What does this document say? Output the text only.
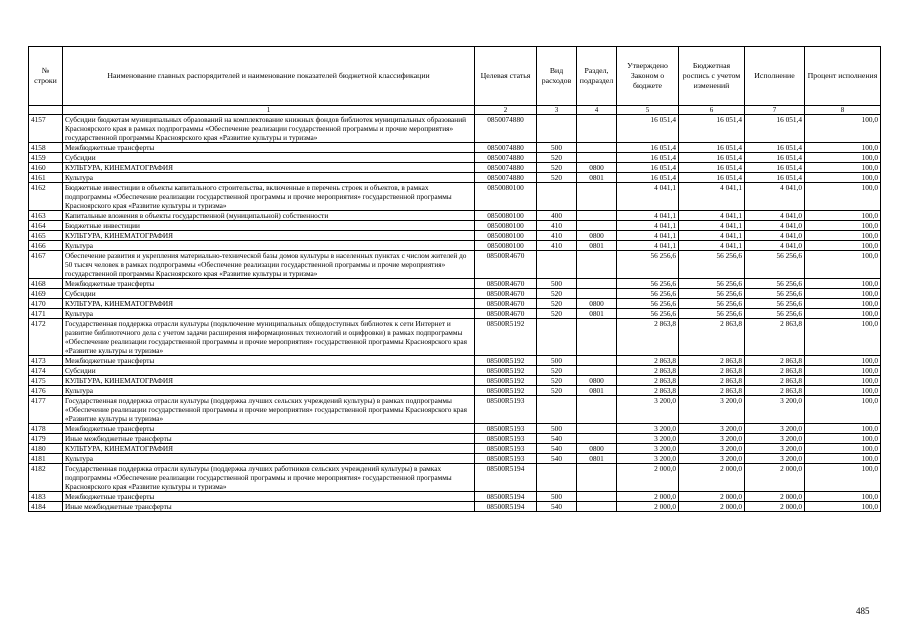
№ строки	Наименование главных распорядителей и наименование показателей бюджетной классификации	Целевая статья	Вид расходов	Раздел, подраздел	Утверждено Законом о бюджете	Бюджетная роспись с учетом изменений	Исполнение	Процент исполнения
	1	2	3	4	5	6	7	8
4157	Субсидии бюджетам муниципальных образований на комплектование книжных фондов библиотек муниципальных образований Красноярского края в рамках подпрограммы «Обеспечение реализации государственной программы и прочие мероприятия» государственной программы Красноярского края «Развитие культуры и туризма»	0850074880			16 051,4	16 051,4	16 051,4	100,0
4158	Межбюджетные трансферты	0850074880	500		16 051,4	16 051,4	16 051,4	100,0
4159	Субсидии	0850074880	520		16 051,4	16 051,4	16 051,4	100,0
4160	КУЛЬТУРА, КИНЕМАТОГРАФИЯ	0850074880	520	0800	16 051,4	16 051,4	16 051,4	100,0
4161	Культура	0850074880	520	0801	16 051,4	16 051,4	16 051,4	100,0
4162	Бюджетные инвестиции в объекты капитального строительства, включенные в перечень строек и объектов, в рамках подпрограммы «Обеспечение реализации государственной программы и прочие мероприятия» государственной программы Красноярского края «Развитие культуры и туризма»	0850080100			4 041,1	4 041,1	4 041,0	100,0
4163	Капитальные вложения в объекты государственной (муниципальной) собственности	0850080100	400		4 041,1	4 041,1	4 041,0	100,0
4164	Бюджетные инвестиции	0850080100	410		4 041,1	4 041,1	4 041,0	100,0
4165	КУЛЬТУРА, КИНЕМАТОГРАФИЯ	0850080100	410	0800	4 041,1	4 041,1	4 041,0	100,0
4166	Культура	0850080100	410	0801	4 041,1	4 041,1	4 041,0	100,0
4167	Обеспечение развития и укрепления материально-технической базы домов культуры в населенных пунктах с числом жителей до 50 тысяч человек в рамках подпрограммы «Обеспечение реализации государственной программы и прочие мероприятия» государственной программы Красноярского края «Развитие культуры и туризма»	08500R4670			56 256,6	56 256,6	56 256,6	100,0
4168	Межбюджетные трансферты	08500R4670	500		56 256,6	56 256,6	56 256,6	100,0
4169	Субсидии	08500R4670	520		56 256,6	56 256,6	56 256,6	100,0
4170	КУЛЬТУРА, КИНЕМАТОГРАФИЯ	08500R4670	520	0800	56 256,6	56 256,6	56 256,6	100,0
4171	Культура	08500R4670	520	0801	56 256,6	56 256,6	56 256,6	100,0
4172	Государственная поддержка отрасли культуры (подключение муниципальных общедоступных библиотек к сети Интернет и развитие библиотечного дела с учетом задачи расширения информационных технологий и оцифровки) в рамках подпрограммы «Обеспечение реализации государственной программы и прочие мероприятия» государственной программы Красноярского края «Развитие культуры и туризма»	08500R5192			2 863,8	2 863,8	2 863,8	100,0
4173	Межбюджетные трансферты	08500R5192	500		2 863,8	2 863,8	2 863,8	100,0
4174	Субсидии	08500R5192	520		2 863,8	2 863,8	2 863,8	100,0
4175	КУЛЬТУРА, КИНЕМАТОГРАФИЯ	08500R5192	520	0800	2 863,8	2 863,8	2 863,8	100,0
4176	Культура	08500R5192	520	0801	2 863,8	2 863,8	2 863,8	100,0
4177	Государственная поддержка отрасли культуры (поддержка лучших сельских учреждений культуры) в рамках подпрограммы «Обеспечение реализации государственной программы и прочие мероприятия» государственной программы Красноярского края «Развитие культуры и туризма»	08500R5193			3 200,0	3 200,0	3 200,0	100,0
4178	Межбюджетные трансферты	08500R5193	500		3 200,0	3 200,0	3 200,0	100,0
4179	Иные межбюджетные трансферты	08500R5193	540		3 200,0	3 200,0	3 200,0	100,0
4180	КУЛЬТУРА, КИНЕМАТОГРАФИЯ	08500R5193	540	0800	3 200,0	3 200,0	3 200,0	100,0
4181	Культура	08500R5193	540	0801	3 200,0	3 200,0	3 200,0	100,0
4182	Государственная поддержка отрасли культуры (поддержка лучших работников сельских учреждений культуры) в рамках подпрограммы «Обеспечение реализации государственной программы и прочие мероприятия» государственной программы Красноярского края «Развитие культуры и туризма»	08500R5194			2 000,0	2 000,0	2 000,0	100,0
4183	Межбюджетные трансферты	08500R5194	500		2 000,0	2 000,0	2 000,0	100,0
4184	Иные межбюджетные трансферты	08500R5194	540		2 000,0	2 000,0	2 000,0	100,0
485
